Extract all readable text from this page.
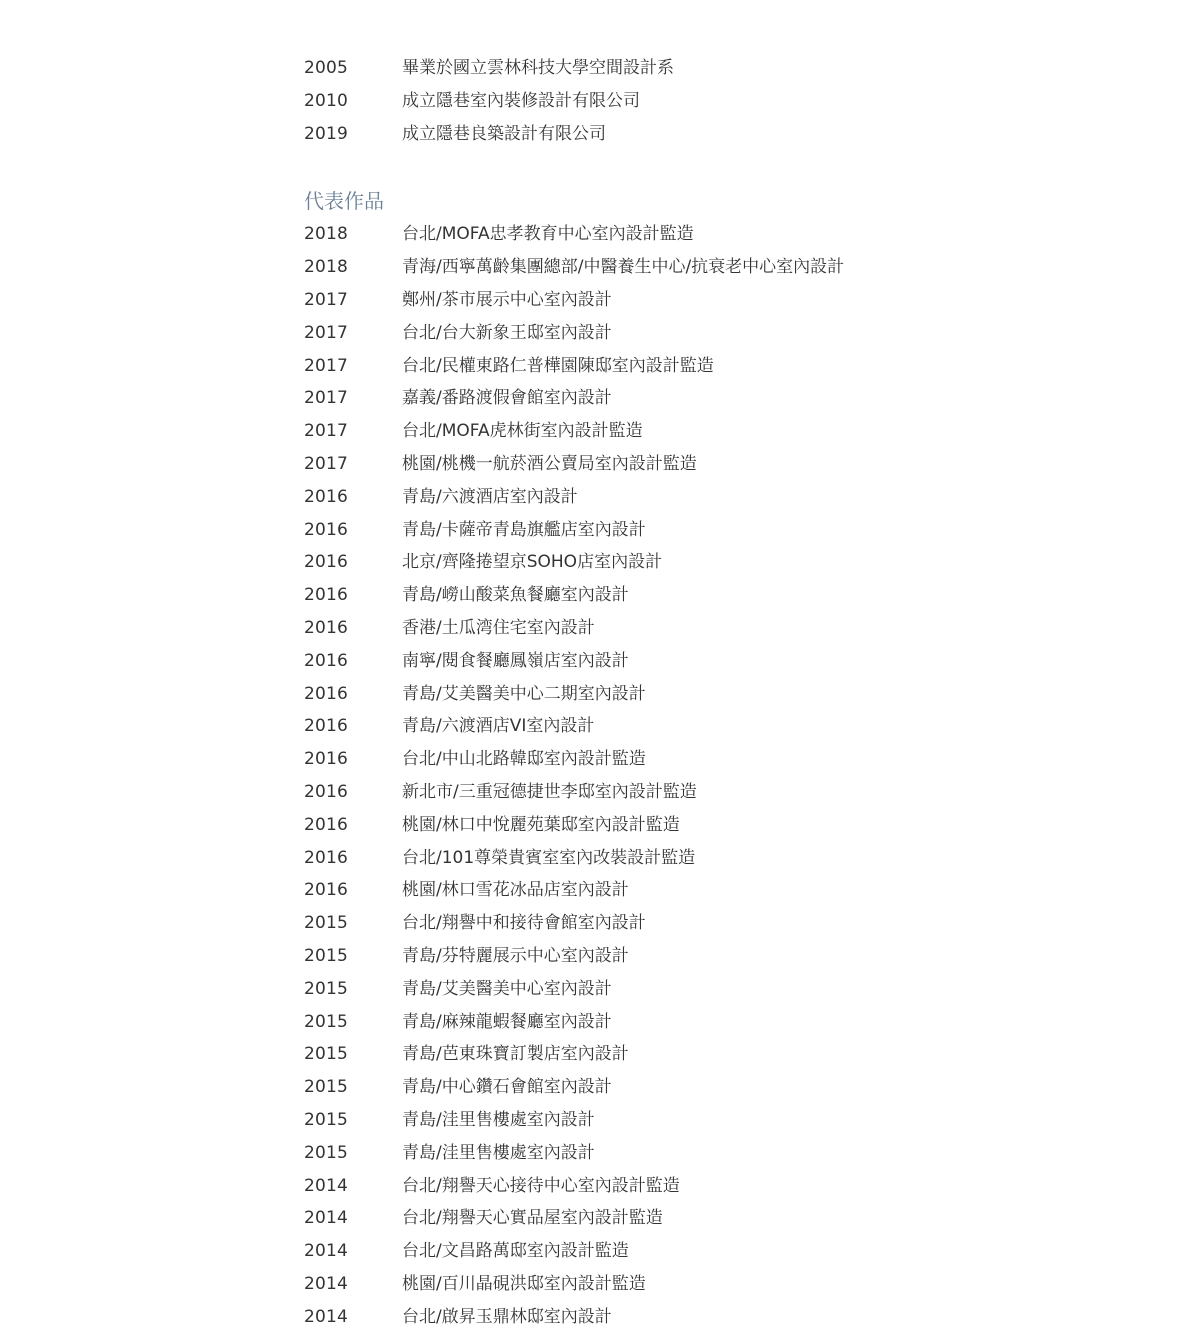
2005	畢業於國立雲林科技大學空間設計系
2010	成立隱巷室內裝修設計有限公司
2019	成立隱巷良築設計有限公司
代表作品
2018	台北/MOFA忠孝教育中心室內設計監造
2018	青海/西寧萬齡集團總部/中醫養生中心/抗衰老中心室內設計
2017	鄭州/茶市展示中心室內設計
2017	台北/台大新象王邸室內設計
2017	台北/民權東路仁普樺園陳邸室內設計監造
2017	嘉義/番路渡假會館室內設計
2017	台北/MOFA虎林街室內設計監造
2017	桃園/桃機一航菸酒公賣局室內設計監造
2016	青島/六渡酒店室內設計
2016	青島/卡薩帝青島旗艦店室內設計
2016	北京/齊隆捲望京SOHO店室內設計
2016	青島/嶗山酸菜魚餐廳室內設計
2016	香港/土瓜湾住宅室內設計
2016	南寧/閱食餐廳鳳嶺店室內設計
2016	青島/艾美醫美中心二期室內設計
2016	青島/六渡酒店VI室內設計
2016	台北/中山北路韓邸室內設計監造
2016	新北市/三重冠德捷世李邸室內設計監造
2016	桃園/林口中悅麗苑葉邸室內設計監造
2016	台北/101尊榮貴賓室室內改裝設計監造
2016	桃園/林口雪花冰品店室內設計
2015	台北/翔譽中和接待會館室內設計
2015	青島/芬特麗展示中心室內設計
2015	青島/艾美醫美中心室內設計
2015	青島/麻辣龍蝦餐廳室內設計
2015	青島/芭東珠寶訂製店室內設計
2015	青島/中心鑽石會館室內設計
2015	青島/洼里售樓處室內設計
2015	青島/洼里售樓處室內設計
2014	台北/翔譽天心接待中心室內設計監造
2014	台北/翔譽天心實品屋室內設計監造
2014	台北/文昌路萬邸室內設計監造
2014	桃園/百川晶硯洪邸室內設計監造
2014	台北/啟昇玉鼎林邸室內設計
